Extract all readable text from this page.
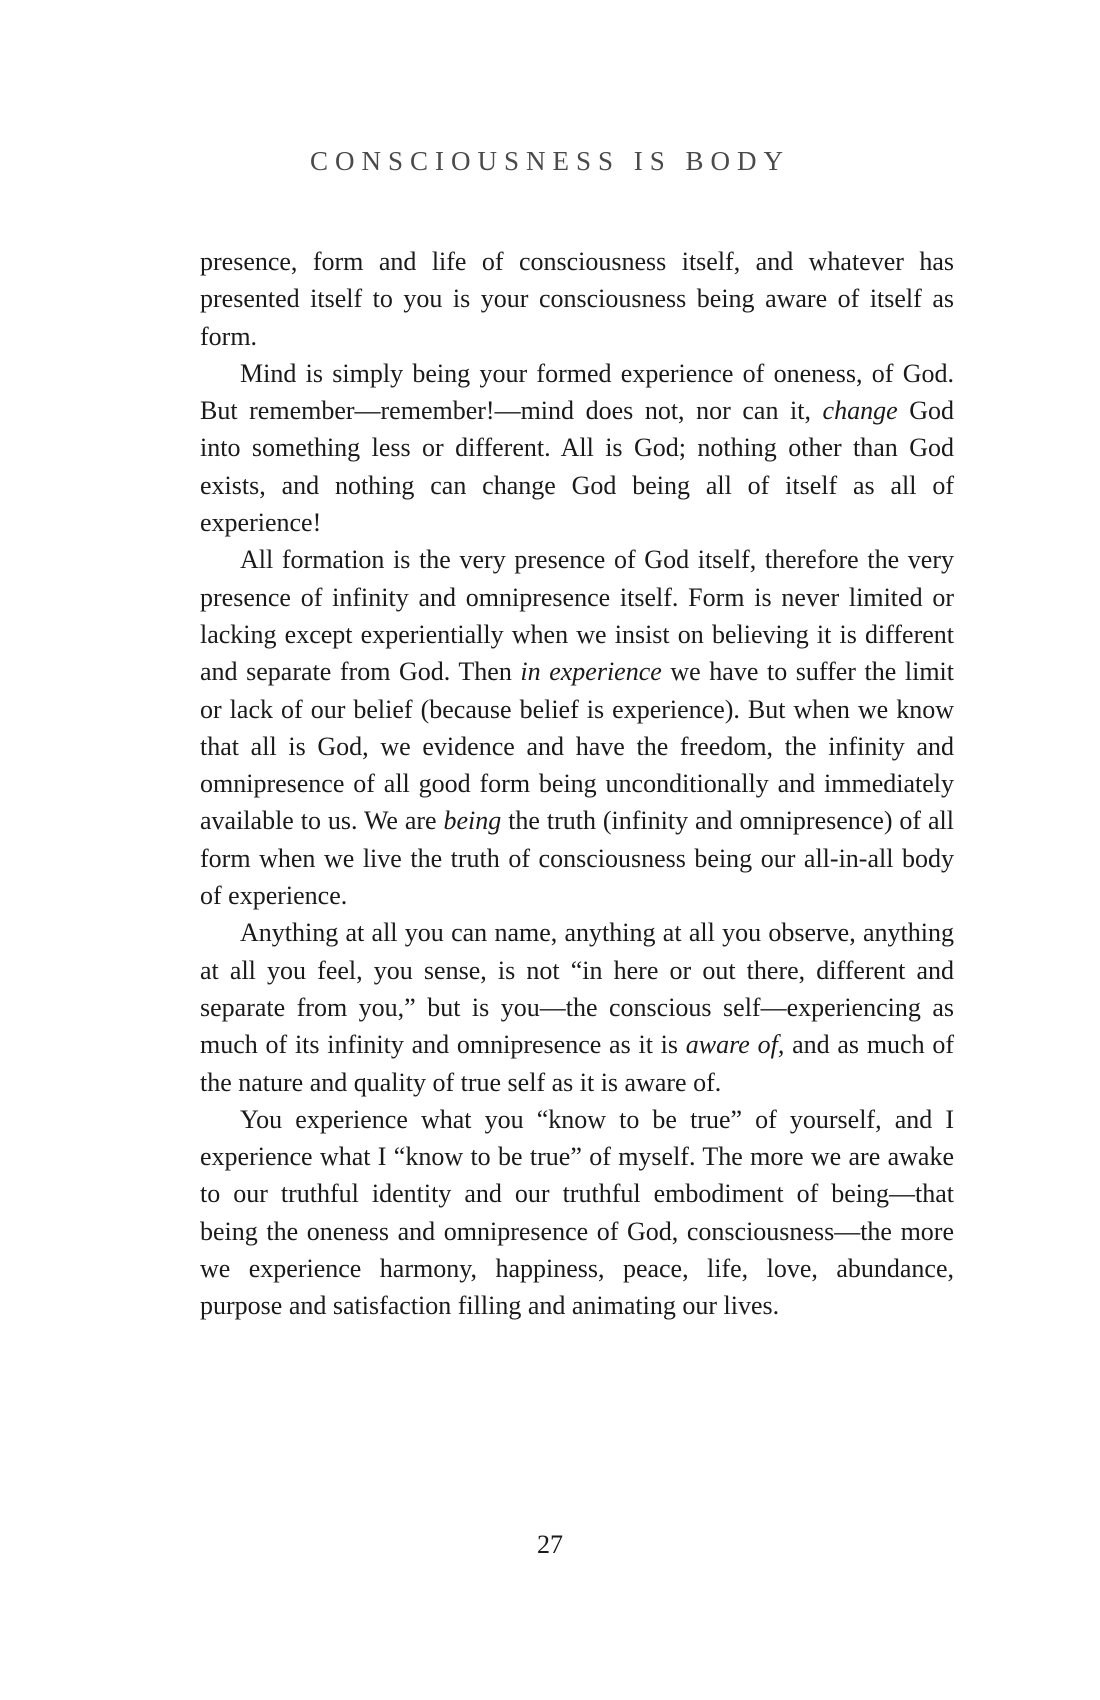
CONSCIOUSNESS IS BODY

presence, form and life of consciousness itself, and whatever has presented itself to you is your consciousness being aware of itself as form.

Mind is simply being your formed experience of oneness, of God. But remember—remember!—mind does not, nor can it, change God into something less or different. All is God; nothing other than God exists, and nothing can change God being all of itself as all of experience!

All formation is the very presence of God itself, therefore the very presence of infinity and omnipresence itself. Form is never limited or lacking except experientially when we insist on believing it is different and separate from God. Then in experience we have to suffer the limit or lack of our belief (because belief is experience). But when we know that all is God, we evidence and have the freedom, the infinity and omnipresence of all good form being unconditionally and immediately available to us. We are being the truth (infinity and omnipresence) of all form when we live the truth of consciousness being our all-in-all body of experience.

Anything at all you can name, anything at all you observe, anything at all you feel, you sense, is not “in here or out there, different and separate from you,” but is you—the conscious self—experiencing as much of its infinity and omnipresence as it is aware of, and as much of the nature and quality of true self as it is aware of.

You experience what you “know to be true” of yourself, and I experience what I “know to be true” of myself. The more we are awake to our truthful identity and our truthful embodiment of being—that being the oneness and omnipresence of God, consciousness—the more we experience harmony, happiness, peace, life, love, abundance, purpose and satisfaction filling and animating our lives.

27
